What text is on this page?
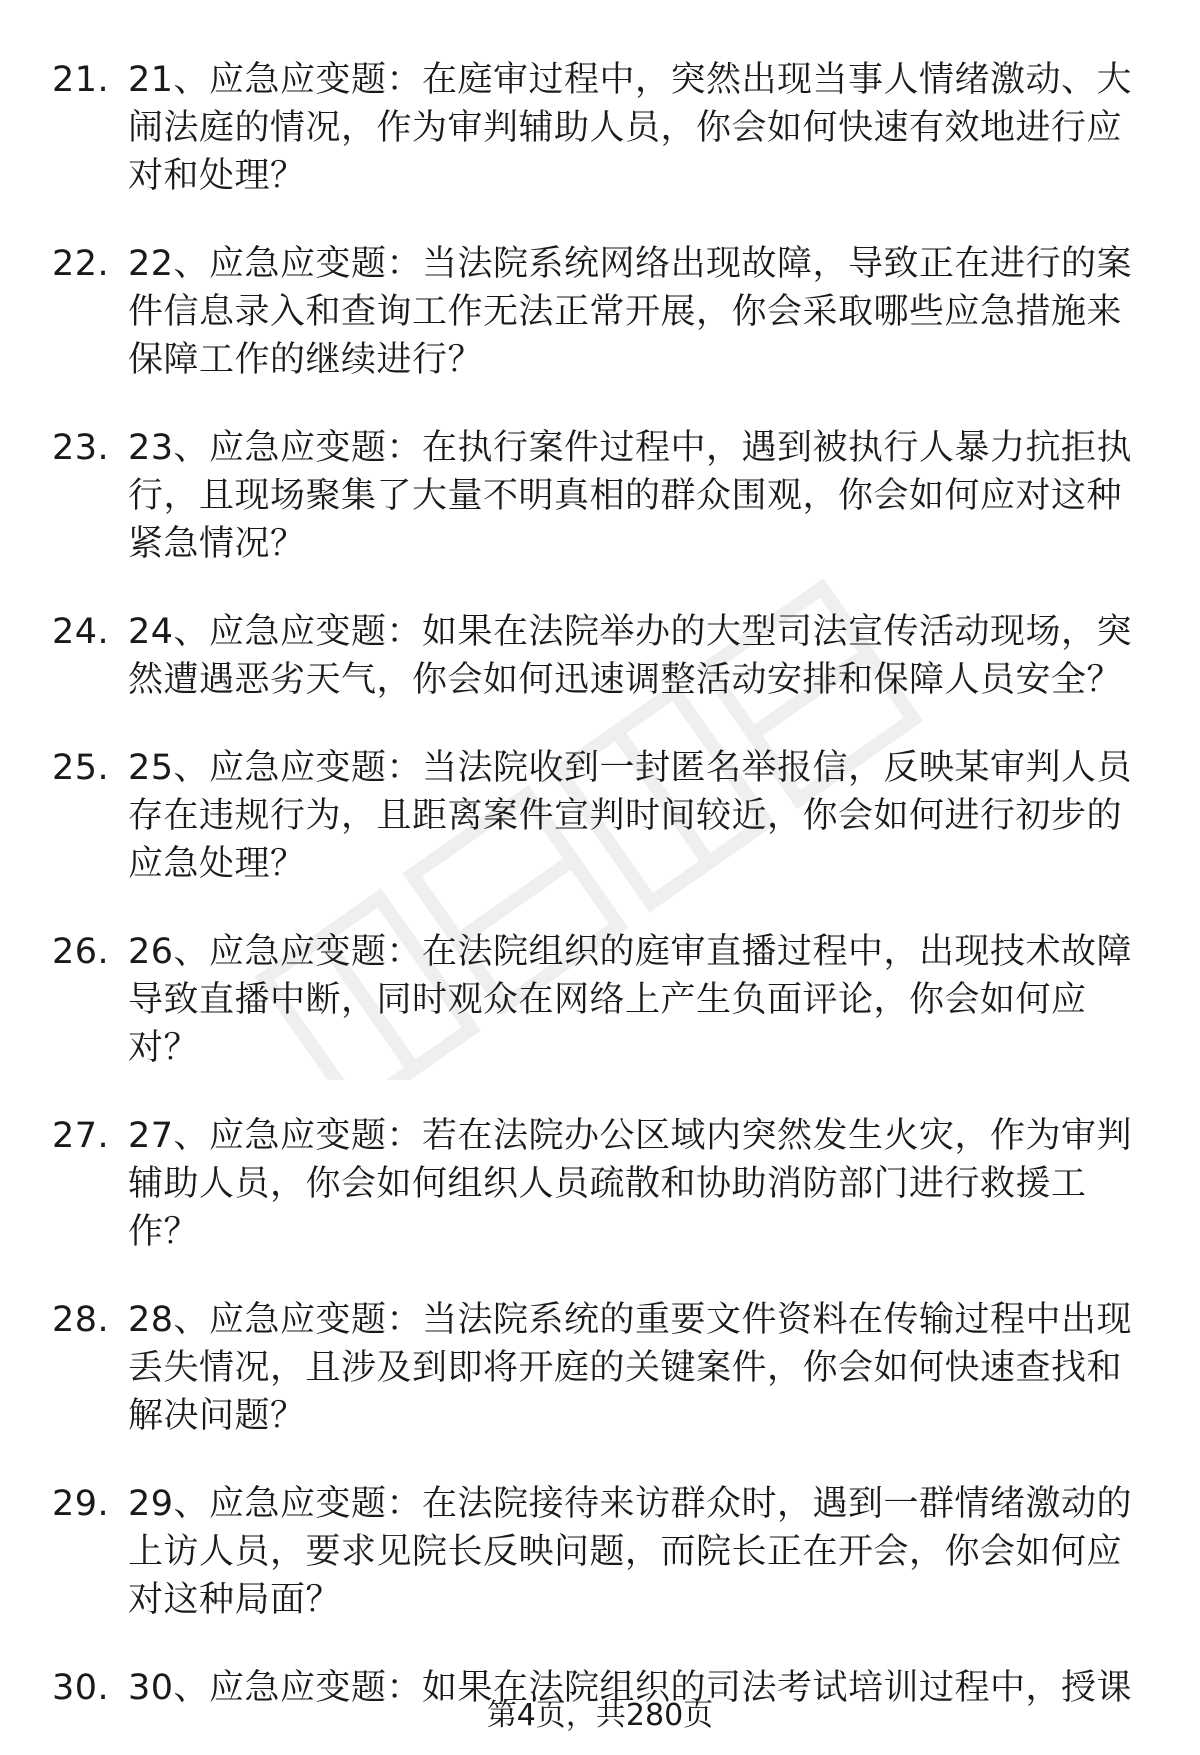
21. 21、应急应变题：在庭审过程中，突然出现当事人情绪激动、大闹法庭的情况，作为审判辅助人员，你会如何快速有效地进行应对和处理？
22. 22、应急应变题：当法院系统网络出现故障，导致正在进行的案件信息录入和查询工作无法正常开展，你会采取哪些应急措施来保障工作的继续进行？
23. 23、应急应变题：在执行案件过程中，遇到被执行人暴力抗拒执行，且现场聚集了大量不明真相的群众围观，你会如何应对这种紧急情况？
24. 24、应急应变题：如果在法院举办的大型司法宣传活动现场，突然遭遇恶劣天气，你会如何迅速调整活动安排和保障人员安全？
25. 25、应急应变题：当法院收到一封匿名举报信，反映某审判人员存在违规行为，且距离案件宣判时间较近，你会如何进行初步的应急处理？
26. 26、应急应变题：在法院组织的庭审直播过程中，出现技术故障导致直播中断，同时观众在网络上产生负面评论，你会如何应对？
27. 27、应急应变题：若在法院办公区域内突然发生火灾，作为审判辅助人员，你会如何组织人员疏散和协助消防部门进行救援工作？
28. 28、应急应变题：当法院系统的重要文件资料在传输过程中出现丢失情况，且涉及到即将开庭的关键案件，你会如何快速查找和解决问题？
29. 29、应急应变题：在法院接待来访群众时，遇到一群情绪激动的上访人员，要求见院长反映问题，而院长正在开会，你会如何应对这种局面？
30. 30、应急应变题：如果在法院组织的司法考试培训过程中，授课
第4页，共280页
